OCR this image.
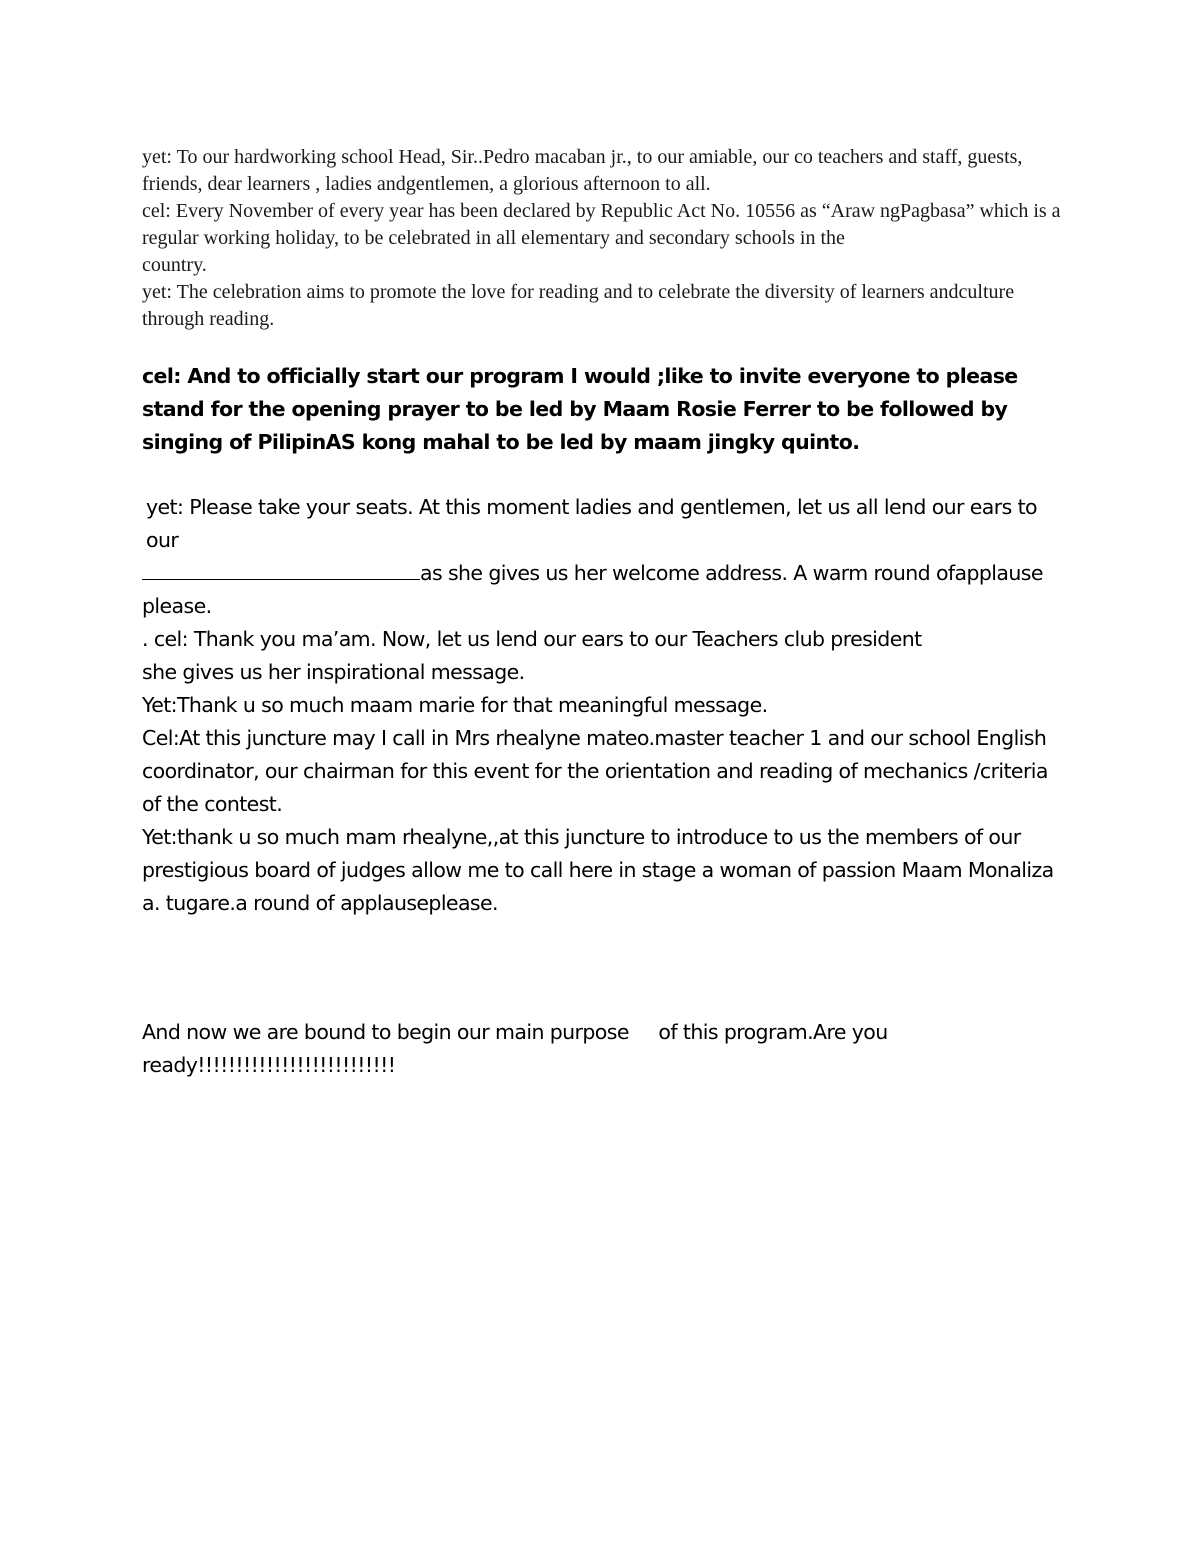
yet: To our hardworking school Head, Sir..Pedro macaban jr., to our amiable, our co teachers and staff, guests, friends, dear learners , ladies andgentlemen, a glorious afternoon to all.

cel: Every November of every year has been declared by Republic Act No. 10556 as “Araw ngPagbasa” which is a regular working holiday, to be celebrated in all elementary and secondary schools in the

country.

yet: The celebration aims to promote the love for reading and to celebrate the diversity of learners andculture through reading.

cel: And to officially start our program I would ;like to invite everyone to please stand for the opening prayer to be led by Maam Rosie Ferrer to be followed by singing of PilipinAS kong mahal to be led by maam jingky quinto.

yet: Please take your seats. At this moment ladies and gentlemen, let us all lend our ears to our

as she gives us her welcome address. A warm round ofapplause please.

. cel: Thank you ma’am. Now, let us lend our ears to our Teachers club president

she gives us her inspirational message.

Yet:Thank u so much maam marie for that meaningful message.

Cel:At this juncture may I call in Mrs rhealyne mateo.master teacher 1 and our school English coordinator, our chairman for this event for the orientation and reading of mechanics /criteria of the contest.

Yet:thank u so much mam rhealyne,,at this juncture to introduce to us the members of our prestigious board of judges allow me to call here in stage a woman of passion Maam Monaliza a. tugare.a round of applauseplease.

And now we are bound to begin our main purpose     of this program.Are you ready!!!!!!!!!!!!!!!!!!!!!!!!!!
